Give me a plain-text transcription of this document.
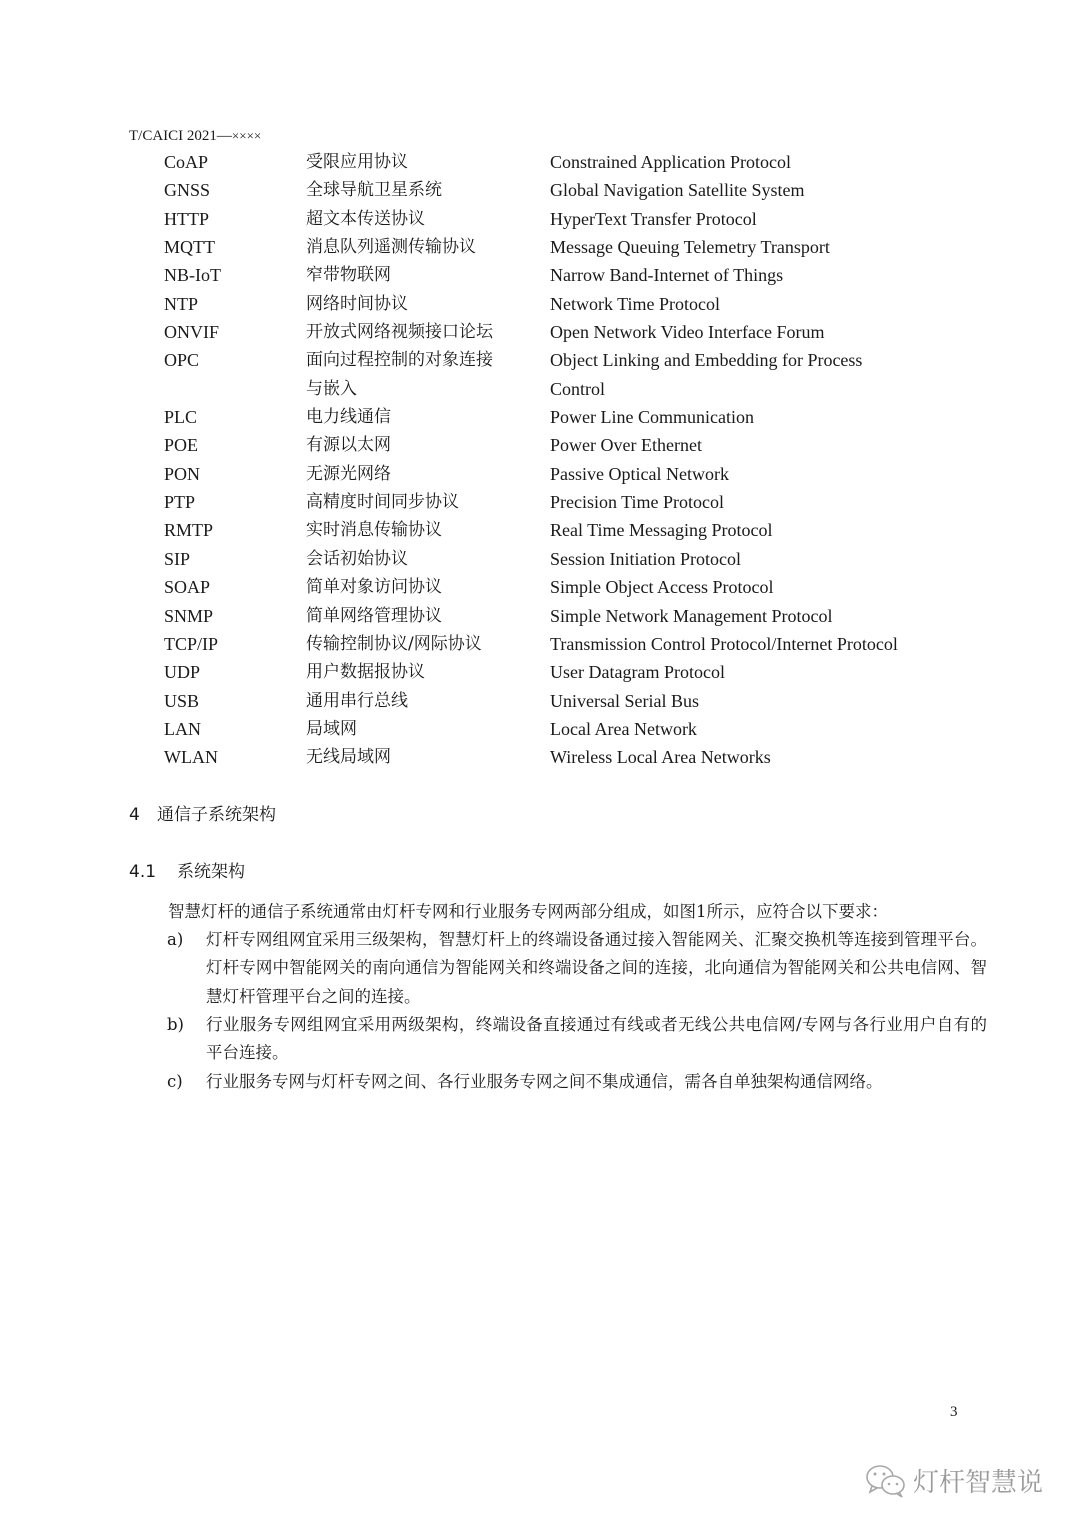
T/CAICI 2021—××××
CoAP	受限应用协议	Constrained Application Protocol
GNSS	全球导航卫星系统	Global Navigation Satellite System
HTTP	超文本传送协议	HyperText Transfer Protocol
MQTT	消息队列遥测传输协议	Message Queuing Telemetry Transport
NB-IoT	窄带物联网	Narrow Band-Internet of Things
NTP	网络时间协议	Network Time Protocol
ONVIF	开放式网络视频接口论坛	Open Network Video Interface Forum
OPC	面向过程控制的对象连接	Object Linking and Embedding for Process
与嵌入	Control
PLC	电力线通信	Power Line Communication
POE	有源以太网	Power Over Ethernet
PON	无源光网络	Passive Optical Network
PTP	高精度时间同步协议	Precision Time Protocol
RMTP	实时消息传输协议	Real Time Messaging Protocol
SIP	会话初始协议	Session Initiation Protocol
SOAP	简单对象访问协议	Simple Object Access Protocol
SNMP	简单网络管理协议	Simple Network Management Protocol
TCP/IP	传输控制协议/网际协议	Transmission Control Protocol/Internet Protocol
UDP	用户数据报协议	User Datagram Protocol
USB	通用串行总线	Universal Serial Bus
LAN	局域网	Local Area Network
WLAN	无线局域网	Wireless Local Area Networks
4 通信子系统架构
4.1 系统架构
智慧灯杆的通信子系统通常由灯杆专网和行业服务专网两部分组成，如图1所示，应符合以下要求：
a)	灯杆专网组网宜采用三级架构，智慧灯杆上的终端设备通过接入智能网关、汇聚交换机等连接到管理平台。灯杆专网中智能网关的南向通信为智能网关和终端设备之间的连接，北向通信为智能网关和公共电信网、智慧灯杆管理平台之间的连接。
b)	行业服务专网组网宜采用两级架构，终端设备直接通过有线或者无线公共电信网/专网与各行业用户自有的平台连接。
c)	行业服务专网与灯杆专网之间、各行业服务专网之间不集成通信，需各自单独架构通信网络。
3
灯杆智慧说
